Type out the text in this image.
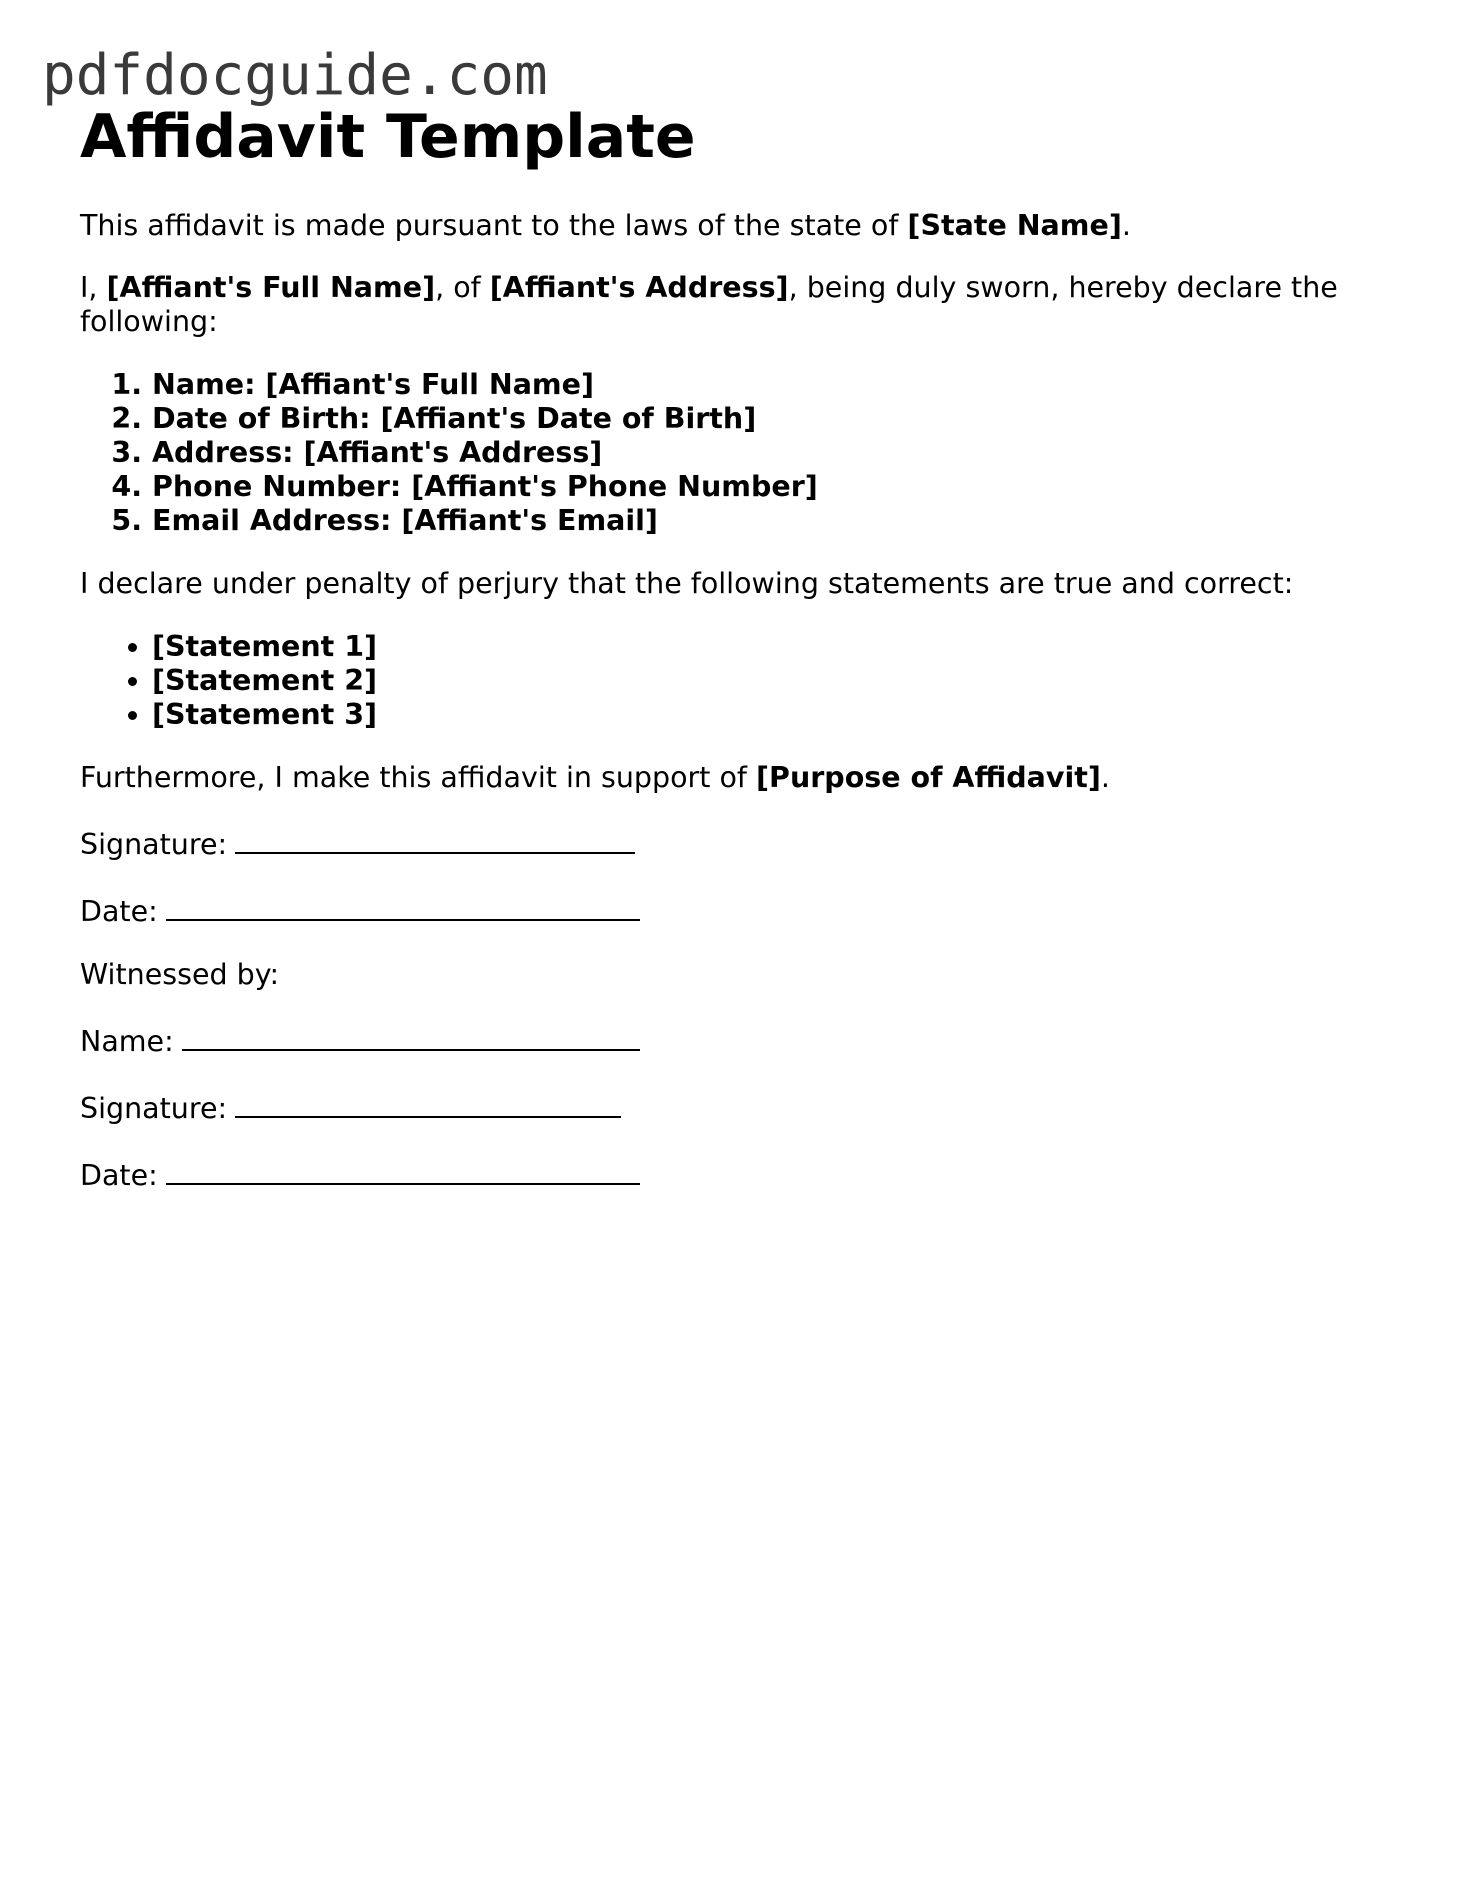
pdfdocguide.com
Affidavit Template

This affidavit is made pursuant to the laws of the state of [State Name].

I, [Affiant's Full Name], of [Affiant's Address], being duly sworn, hereby declare the following:

1. Name: [Affiant's Full Name]
2. Date of Birth: [Affiant's Date of Birth]
3. Address: [Affiant's Address]
4. Phone Number: [Affiant's Phone Number]
5. Email Address: [Affiant's Email]

I declare under penalty of perjury that the following statements are true and correct:

• [Statement 1]
• [Statement 2]
• [Statement 3]

Furthermore, I make this affidavit in support of [Purpose of Affidavit].

Signature:
Date:
Witnessed by:
Name:
Signature:
Date:
